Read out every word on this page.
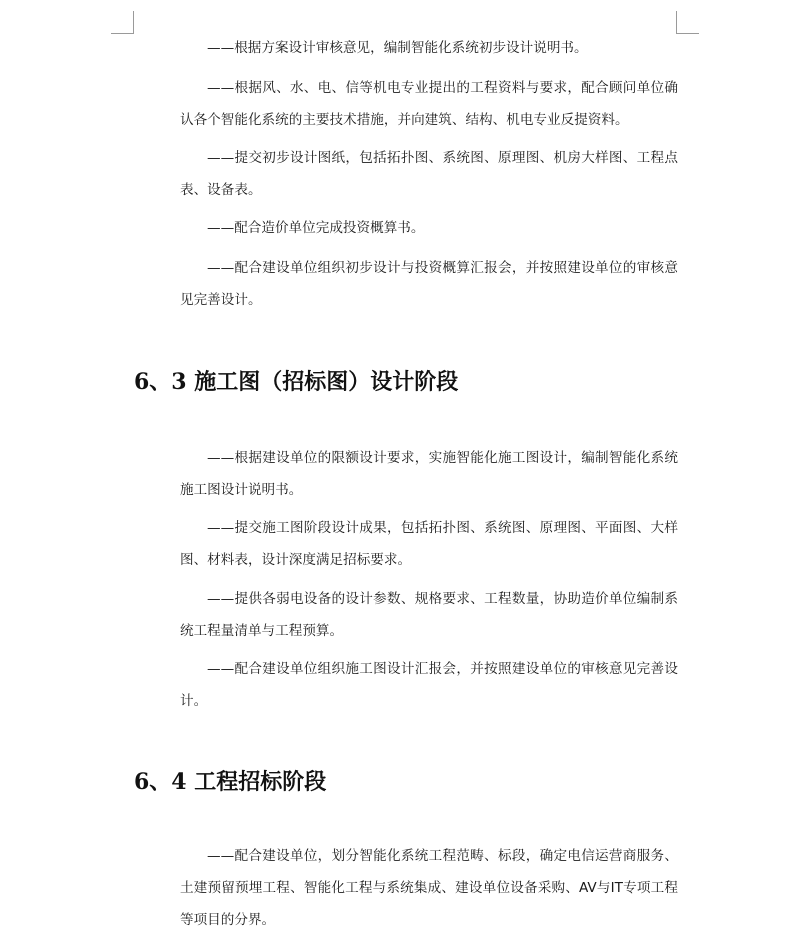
——根据方案设计审核意见，编制智能化系统初步设计说明书。

——根据风、水、电、信等机电专业提出的工程资料与要求，配合顾问单位确认各个智能化系统的主要技术措施，并向建筑、结构、机电专业反提资料。

——提交初步设计图纸，包括拓扑图、系统图、原理图、机房大样图、工程点表、设备表。

——配合造价单位完成投资概算书。

——配合建设单位组织初步设计与投资概算汇报会，并按照建设单位的审核意见完善设计。

6、3 施工图（招标图）设计阶段

——根据建设单位的限额设计要求，实施智能化施工图设计，编制智能化系统施工图设计说明书。

——提交施工图阶段设计成果，包括拓扑图、系统图、原理图、平面图、大样图、材料表，设计深度满足招标要求。

——提供各弱电设备的设计参数、规格要求、工程数量，协助造价单位编制系统工程量清单与工程预算。

——配合建设单位组织施工图设计汇报会，并按照建设单位的审核意见完善设计。

6、4 工程招标阶段

——配合建设单位，划分智能化系统工程范畴、标段，确定电信运营商服务、土建预留预埋工程、智能化工程与系统集成、建设单位设备采购、AV与IT专项工程等项目的分界。
